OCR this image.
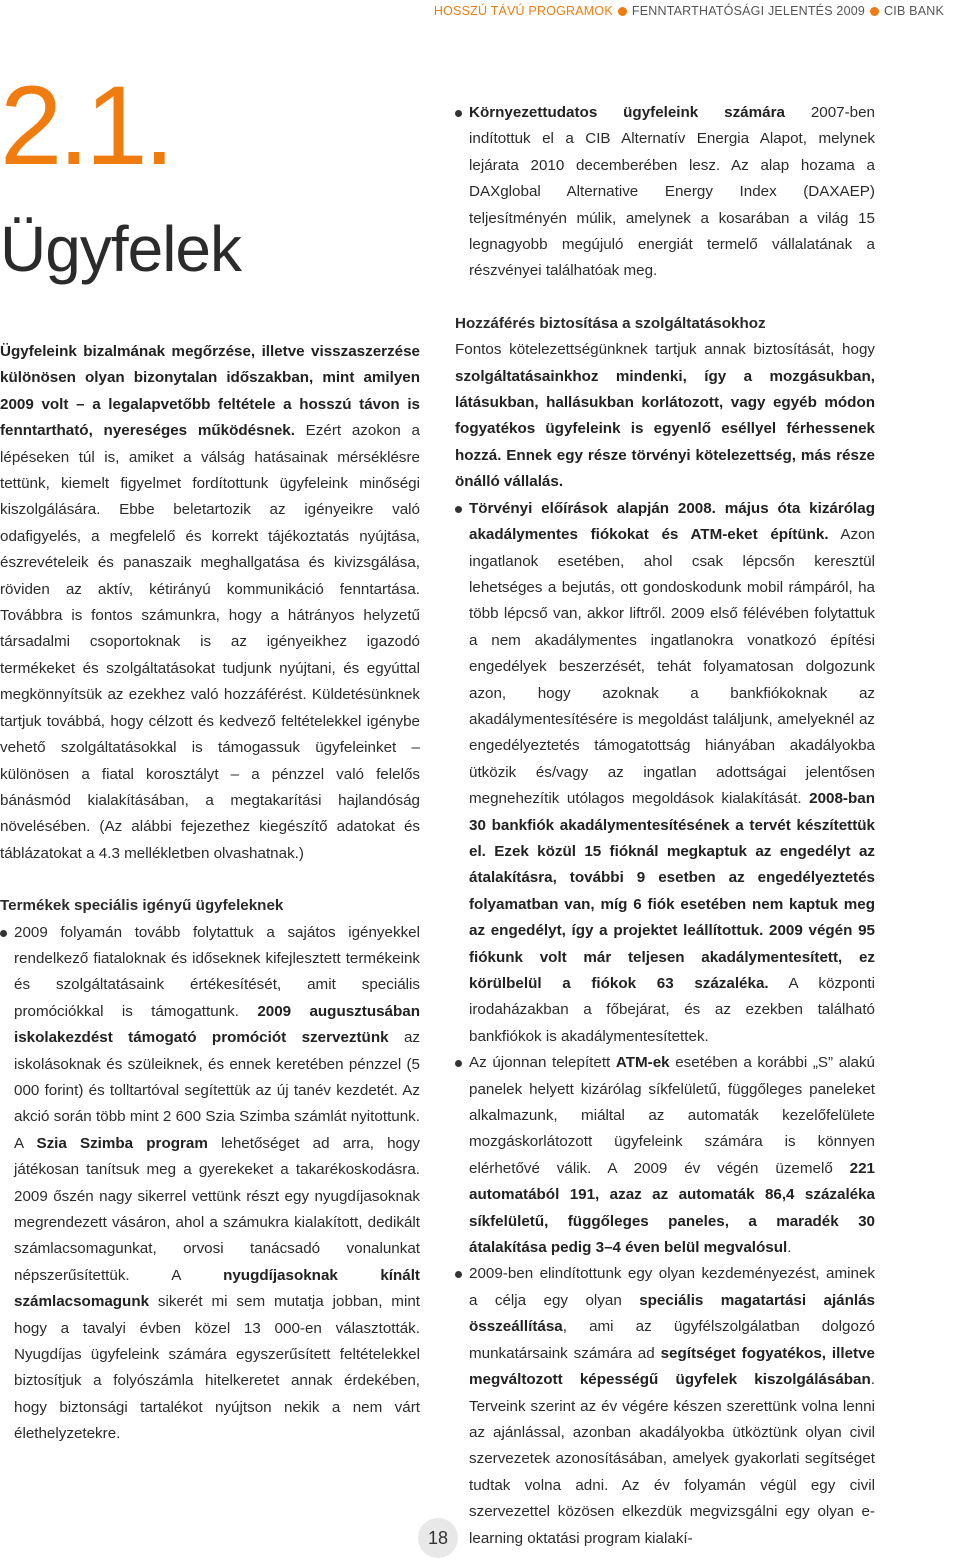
HOSSZÚ TÁVÚ PROGRAMOK FENNTARTHATÓSÁGI JELENTÉS 2009 CIB BANK
2.1.
Ügyfelek

Ügyfeleink bizalmának megőrzése, illetve visszaszerzése különösen olyan bizonytalan időszakban, mint amilyen 2009 volt – a legalapvetőbb feltétele a hosszú távon is fenntartható, nyereséges működésnek. Ezért azokon a lépéseken túl is, amiket a válság hatásainak mérséklésre tettünk, kiemelt figyelmet fordítottunk ügyfeleink minőségi kiszolgálására. Ebbe beletartozik az igényeikre való odafigyelés, a megfelelő és korrekt tájékoztatás nyújtása, észrevételeik és panaszaik meghallgatása és kivizsgálása, röviden az aktív, kétirányú kommunikáció fenntartása. Továbbra is fontos számunkra, hogy a hátrányos helyzetű társadalmi csoportoknak is az igényeikhez igazodó termékeket és szolgáltatásokat tudjunk nyújtani, és egyúttal megkönnyítsük az ezekhez való hozzáférést. Küldetésünknek tartjuk továbbá, hogy célzott és kedvező feltételekkel igénybe vehető szolgáltatásokkal is támogassuk ügyfeleinket – különösen a fiatal korosztályt – a pénzzel való felelős bánásmód kialakításában, a megtakarítási hajlandóság növelésében. (Az alábbi fejezethez kiegészítő adatokat és táblázatokat a 4.3 mellékletben olvashatnak.)

Termékek speciális igényű ügyfeleknek

2009 folyamán tovább folytattuk a sajátos igényekkel rendelkező fiataloknak és időseknek kifejlesztett termékeink és szolgáltatásaink értékesítését, amit speciális promóciókkal is támogattunk. 2009 augusztusában iskolakezdést támogató promóciót szerveztünk az iskolásoknak és szüleiknek, és ennek keretében pénzzel (5 000 forint) és tolltartóval segítettük az új tanév kezdetét. Az akció során több mint 2 600 Szia Szimba számlát nyitottunk. A Szia Szimba program lehetőséget ad arra, hogy játékosan tanítsuk meg a gyerekeket a takarékoskodásra. 2009 őszén nagy sikerrel vettünk részt egy nyugdíjasoknak megrendezett vásáron, ahol a számukra kialakított, dedikált számlacsomagunkat, orvosi tanácsadó vonalunkat népszerűsítettük. A nyugdíjasoknak kínált számlacsomagunk sikerét mi sem mutatja jobban, mint hogy a tavalyi évben közel 13 000-en választották. Nyugdíjas ügyfeleink számára egyszerűsített feltételekkel biztosítjuk a folyószámla hitelkeretet annak érdekében, hogy biztonsági tartalékot nyújtson nekik a nem várt élethelyzetekre.
Környezettudatos ügyfeleink számára 2007-ben indítottuk el a CIB Alternatív Energia Alapot, melynek lejárata 2010 decemberében lesz. Az alap hozama a DAXglobal Alternative Energy Index (DAXAEP) teljesítményén múlik, amelynek a kosarában a világ 15 legnagyobb megújuló energiát termelő vállalatának a részvényei találhatóak meg.

Hozzáférés biztosítása a szolgáltatásokhoz

Fontos kötelezettségünknek tartjuk annak biztosítását, hogy szolgáltatásainkhoz mindenki, így a mozgásukban, látásukban, hallásukban korlátozott, vagy egyéb módon fogyatékos ügyfeleink is egyenlő eséllyel férhessenek hozzá. Ennek egy része törvényi kötelezettség, más része önálló vállalás.

Törvényi előírások alapján 2008. május óta kizárólag akadálymentes fiókokat és ATM-eket építünk. Azon ingatlanok esetében, ahol csak lépcsőn keresztül lehetséges a bejutás, ott gondoskodunk mobil rámpáról, ha több lépcső van, akkor liftről. 2009 első félévében folytattuk a nem akadálymentes ingatlanokra vonatkozó építési engedélyek beszerzését, tehát folyamatosan dolgozunk azon, hogy azoknak a bankfiókoknak az akadálymentesítésére is megoldást találjunk, amelyeknél az engedélyeztetés támogatottság hiányában akadályokba ütközik és/vagy az ingatlan adottságai jelentősen megnehezítik utólagos megoldások kialakítását. 2008-ban 30 bankfiók akadálymentesítésének a tervét készítettük el. Ezek közül 15 fióknál megkaptuk az engedélyt az átalakításra, további 9 esetben az engedélyeztetés folyamatban van, míg 6 fiók esetében nem kaptuk meg az engedélyt, így a projektet leállítottuk. 2009 végén 95 fiókunk volt már teljesen akadálymentesített, ez körülbelül a fiókok 63 százaléka. A központi irodaházakban a főbejárat, és az ezekben található bankfiókok is akadálymentesítettek.
Az újonnan telepített ATM-ek esetében a korábbi „S” alakú panelek helyett kizárólag síkfelületű, függőleges paneleket alkalmazunk, miáltal az automaták kezelőfelülete mozgáskorlátozott ügyfeleink számára is könnyen elérhetővé válik. A 2009 év végén üzemelő 221 automatából 191, azaz az automaták 86,4 százaléka síkfelületű, függőleges paneles, a maradék 30 átalakítása pedig 3–4 éven belül megvalósul.
2009-ben elindítottunk egy olyan kezdeményezést, aminek a célja egy olyan speciális magatartási ajánlás összeállítása, ami az ügyfélszolgálatban dolgozó munkatársaink számára ad segítséget fogyatékos, illetve megváltozott képességű ügyfelek kiszolgálásában. Terveink szerint az év végére készen szerettünk volna lenni az ajánlással, azonban akadályokba ütköztünk olyan civil szervezetek azonosításában, amelyek gyakorlati segítséget tudtak volna adni. Az év folyamán végül egy civil szervezettel közösen elkezdük megvizsgálni egy olyan e-learning oktatási program kialakí-
18
